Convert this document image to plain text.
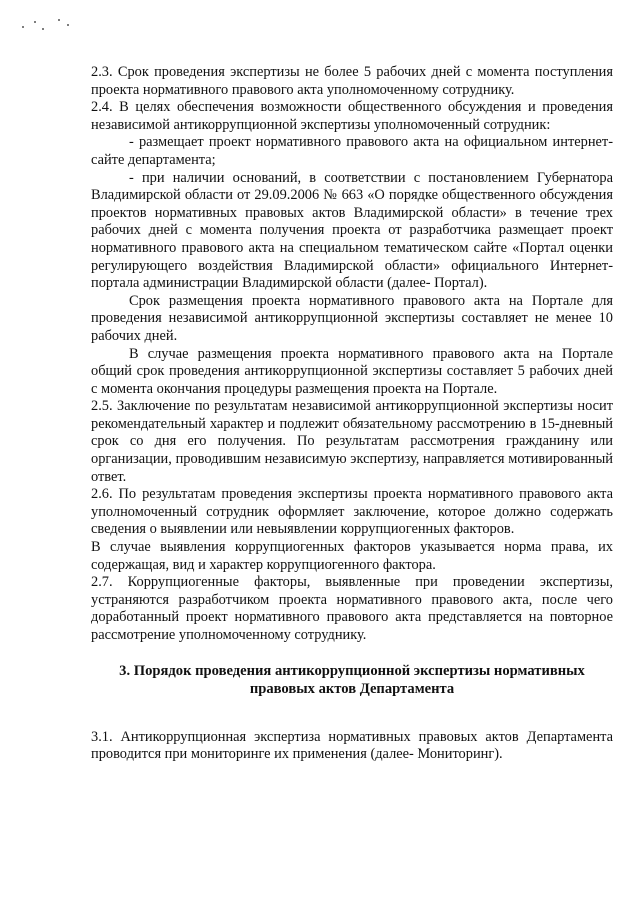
2.3. Срок проведения экспертизы не более 5 рабочих дней с момента поступления проекта нормативного правового акта уполномоченному сотруднику.

2.4. В целях обеспечения возможности общественного обсуждения и проведения независимой антикоррупционной экспертизы уполномоченный сотрудник:

- размещает проект нормативного правового акта на официальном интернет-сайте департамента;

- при наличии оснований, в соответствии с постановлением Губернатора Владимирской области от 29.09.2006 № 663 «О порядке общественного обсуждения проектов нормативных правовых актов Владимирской области» в течение трех рабочих дней с момента получения проекта от разработчика размещает проект нормативного правового акта на специальном тематическом сайте «Портал оценки регулирующего воздействия Владимирской области» официального Интернет-портала администрации Владимирской области (далее- Портал).

Срок размещения проекта нормативного правового акта на Портале для проведения независимой антикоррупционной экспертизы составляет не менее 10 рабочих дней.

В случае размещения проекта нормативного правового акта на Портале общий срок проведения антикоррупционной экспертизы составляет 5 рабочих дней с момента окончания процедуры размещения проекта на Портале.

2.5. Заключение по результатам независимой антикоррупционной экспертизы носит рекомендательный характер и подлежит обязательному рассмотрению в 15-дневный срок со дня его получения. По результатам рассмотрения гражданину или организации, проводившим независимую экспертизу, направляется мотивированный ответ.

2.6. По результатам проведения экспертизы проекта нормативного правового акта уполномоченный сотрудник оформляет заключение, которое должно содержать сведения о выявлении или невыявлении коррупциогенных факторов.

В случае выявления коррупциогенных факторов указывается норма права, их содержащая, вид и характер коррупциогенного фактора.

2.7. Коррупциогенные факторы, выявленные при проведении экспертизы, устраняются разработчиком проекта нормативного правового акта, после чего доработанный проект нормативного правового акта представляется на повторное рассмотрение уполномоченному сотруднику.

3. Порядок проведения антикоррупционной экспертизы нормативных правовых актов Департамента

3.1. Антикоррупционная экспертиза нормативных правовых актов Департамента проводится при мониторинге их применения (далее- Мониторинг).
